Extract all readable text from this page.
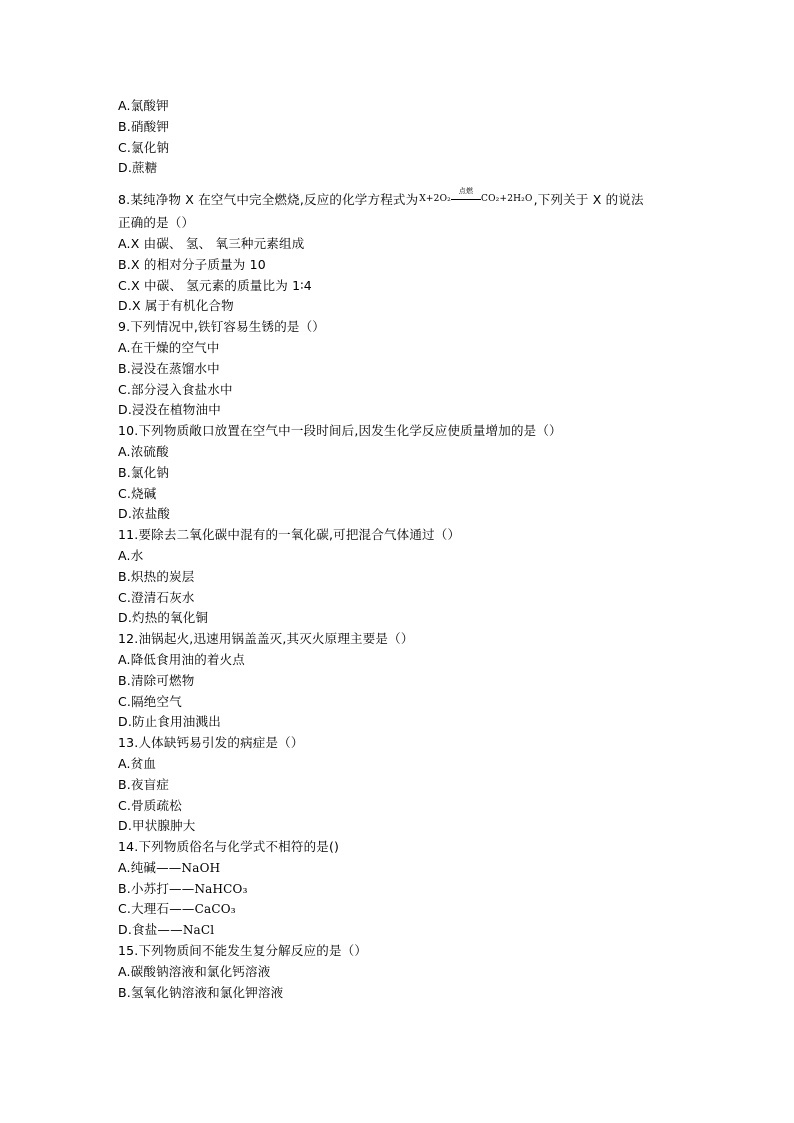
A.氯酸钾
B.硝酸钾
C.氯化钠
D.蔗糖
8.某纯净物 X 在空气中完全燃烧,反应的化学方程式为 X+2O₂
点燃
CO₂+2H₂O ,下列关于 X 的说法
正确的是（）
A.X 由碳、 氢、 氧三种元素组成
B.X 的相对分子质量为 10
C.X 中碳、 氢元素的质量比为 1∶4
D.X 属于有机化合物
9.下列情况中,铁钉容易生锈的是（）
A.在干燥的空气中
B.浸没在蒸馏水中
C.部分浸入食盐水中
D.浸没在植物油中
10.下列物质敞口放置在空气中一段时间后,因发生化学反应使质量增加的是（）
A.浓硫酸
B.氯化钠
C.烧碱
D.浓盐酸
11.要除去二氧化碳中混有的一氧化碳,可把混合气体通过（）
A.水
B.炽热的炭层
C.澄清石灰水
D.灼热的氧化铜
12.油锅起火,迅速用锅盖盖灭,其灭火原理主要是（）
A.降低食用油的着火点
B.清除可燃物
C.隔绝空气
D.防止食用油溅出
13.人体缺钙易引发的病症是（）
A.贫血
B.夜盲症
C.骨质疏松
D.甲状腺肿大
14.下列物质俗名与化学式不相符的是()
A.纯碱——NaOH
B.小苏打——NaHCO₃
C.大理石——CaCO₃
D.食盐——NaCl
15.下列物质间不能发生复分解反应的是（）
A.碳酸钠溶液和氯化钙溶液
B.氢氧化钠溶液和氯化钾溶液
